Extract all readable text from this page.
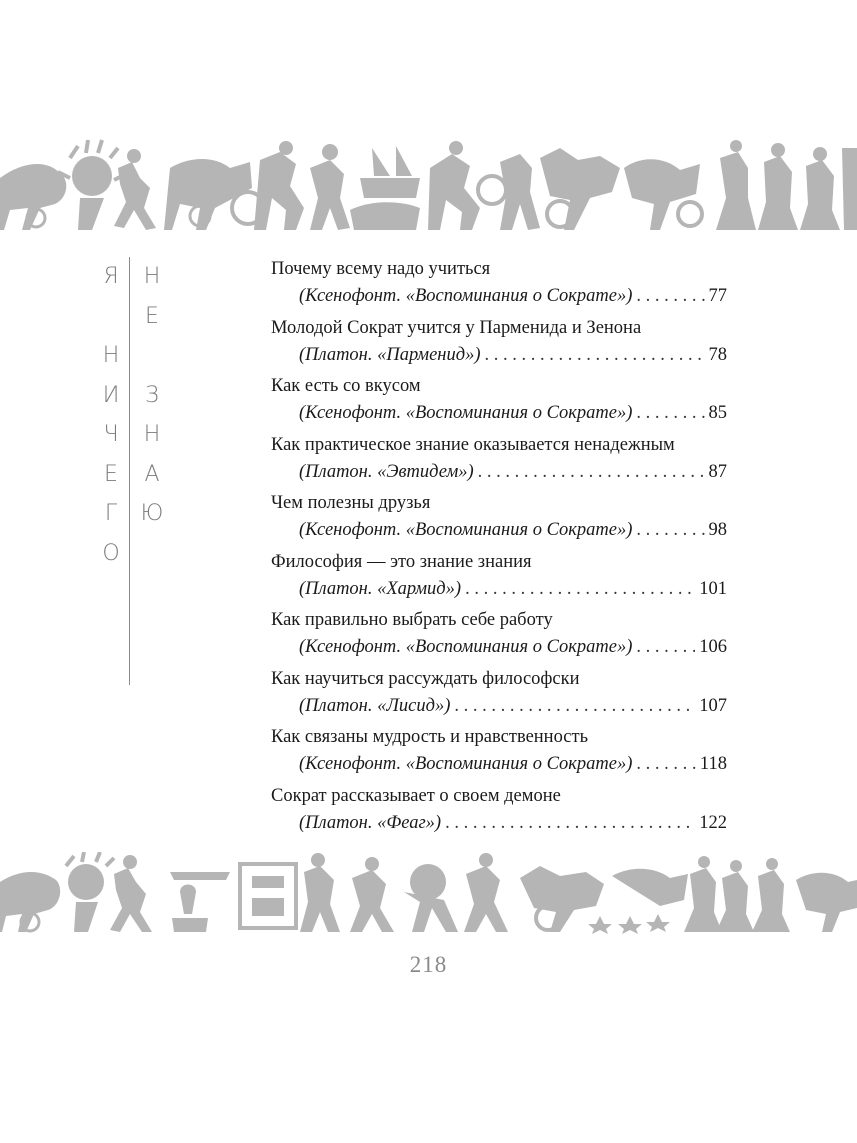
Я

Н
И
Ч
Е
Г
О
Н
Е

З
Н
А
Ю
Почему всему надо учиться
(Ксенофонт. «Воспоминания о Сократе») . . .	77
Молодой Сократ учится у Парменида и Зенона
(Платон. «Парменид») . . .	78
Как есть со вкусом
(Ксенофонт. «Воспоминания о Сократе») . . .	85
Как практическое знание оказывается ненадежным
(Платон. «Эвтидем») . . .	87
Чем полезны друзья
(Ксенофонт. «Воспоминания о Сократе») . . .	98
Философия — это знание знания
(Платон. «Хармид») . . .	101
Как правильно выбрать себе работу
(Ксенофонт. «Воспоминания о Сократе») . . .	106
Как научиться рассуждать философски
(Платон. «Лисид») . . .	107
Как связаны мудрость и нравственность
(Ксенофонт. «Воспоминания о Сократе») . . .	118
Сократ рассказывает о своем демоне
(Платон. «Феаг») . . .	122
218
